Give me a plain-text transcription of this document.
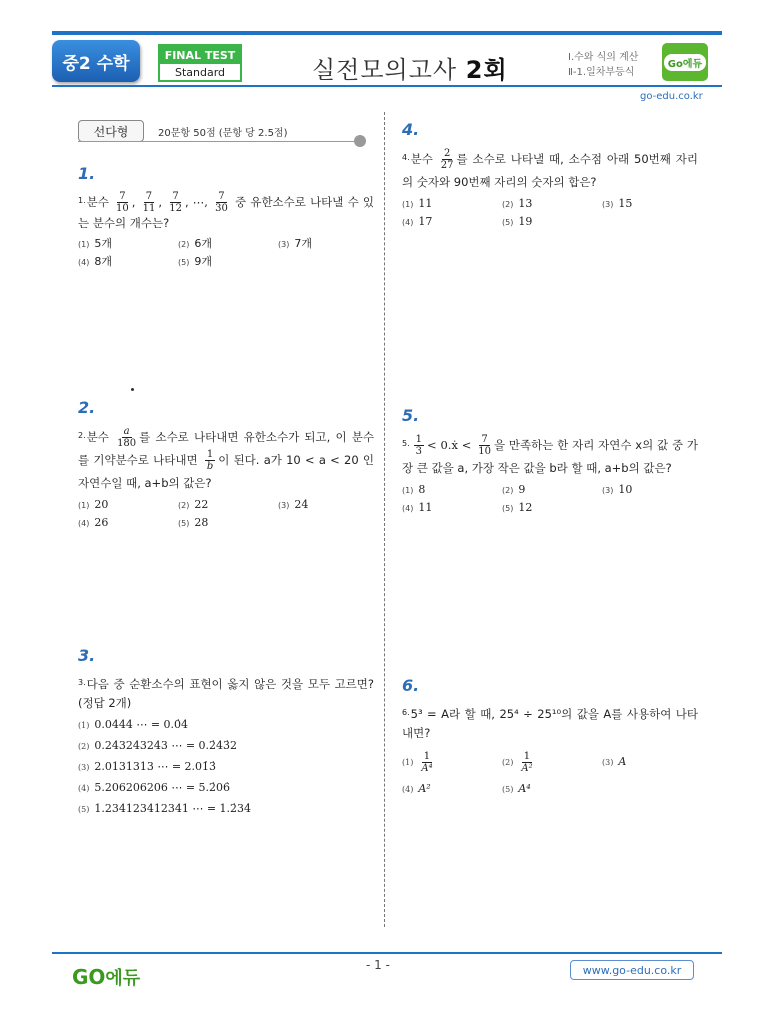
중2 수학	FINAL TEST
Standard	실전모의고사 2회	Ⅰ.수와 식의 계산
Ⅱ-1.일차부등식
Go에듀
go-edu.co.kr
선다형	20문항 50점 (문항 당 2.5점)
1.
$^{1.}$분수 $\frac{7}{10}$ , $\frac{7}{11}$ , $\frac{7}{12}$ , ⋯, $\frac{7}{30}$ 중 유한소수로 나타낼 수 있는 분수의 개수는?
(1) 5개	(2) 6개	(3) 7개
(4) 8개	(5) 9개
2.
$^{2.}$분수 $\frac{a}{180}$ 를 소수로 나타내면 유한소수가 되고, 이 분수를 기약분수로 나타내면 $\frac{1}{b}$ 이 된다. a가 10 < a < 20 인 자연수일 때, a+b의 값은?
(1) 20	(2) 22	(3) 24
(4) 26	(5) 28
3.
$^{3.}$다음 중 순환소수의 표현이 옳지 않은 것을 모두 고르면? (정답 2개)
(1) 0.0444 ⋯ = 0.0̇4
(2) 0.243243243 ⋯ = 0.2̇43̇2
(3) 2.0131313 ⋯ = 2.01̇3̇
(4) 5.206206206 ⋯ = 5.2̇06̇
(5) 1.234123412341 ⋯ = 1.2̇34̇
4.
$^{4.}$분수 $\frac{2}{27}$ 를 소수로 나타낼 때, 소수점 아래 50번째 자리의 숫자와 90번째 자리의 숫자의 합은?
(1) 11	(2) 13	(3) 15
(4) 17	(5) 19
5.
$^{5.} \frac{1}{3}$ < 0.ẋ < $\frac{7}{10}$ 을 만족하는 한 자리 자연수 x의 값 중 가장 큰 값을 a, 가장 작은 값을 b라 할 때, a+b의 값은?
(1) 8	(2) 9	(3) 10
(4) 11	(5) 12
6.
$^{6.}$5³ = A라 할 때, 25⁴ ÷ 25¹⁰의 값을 A를 사용하여 나타내면?
$(1) \frac{1}{\text{A⁴}}$	$(2) \frac{1}{\text{A²}}$	(3) A
(4) A²	(5) A⁴
- 1 -
GO에듀	www.go-edu.co.kr
